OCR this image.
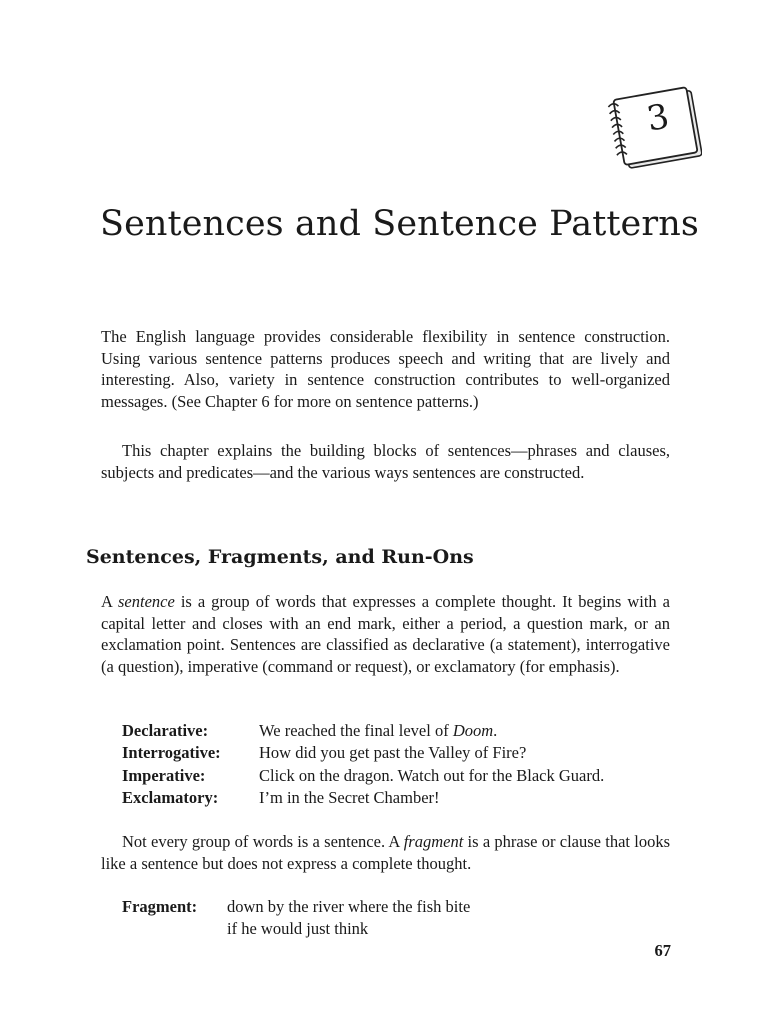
3
Sentences and Sentence Patterns

The English language provides considerable flexibility in sentence construction. Using various sentence patterns produces speech and writing that are lively and interesting. Also, variety in sentence construction contributes to well-organized messages. (See Chapter 6 for more on sentence patterns.)

This chapter explains the building blocks of sentences—phrases and clauses, subjects and predicates—and the various ways sentences are constructed.

Sentences, Fragments, and Run-Ons

A sentence is a group of words that expresses a complete thought. It begins with a capital letter and closes with an end mark, either a period, a question mark, or an exclamation point. Sentences are classified as declarative (a statement), interrogative (a question), imperative (command or request), or exclamatory (for emphasis).

Declarative:	We reached the final level of Doom.
Interrogative: How did you get past the Valley of Fire?
Imperative:	Click on the dragon. Watch out for the Black Guard.
Exclamatory: I’m in the Secret Chamber!

Not every group of words is a sentence. A fragment is a phrase or clause that looks like a sentence but does not express a complete thought.

Fragment: down by the river where the fish bite
if he would just think
67
